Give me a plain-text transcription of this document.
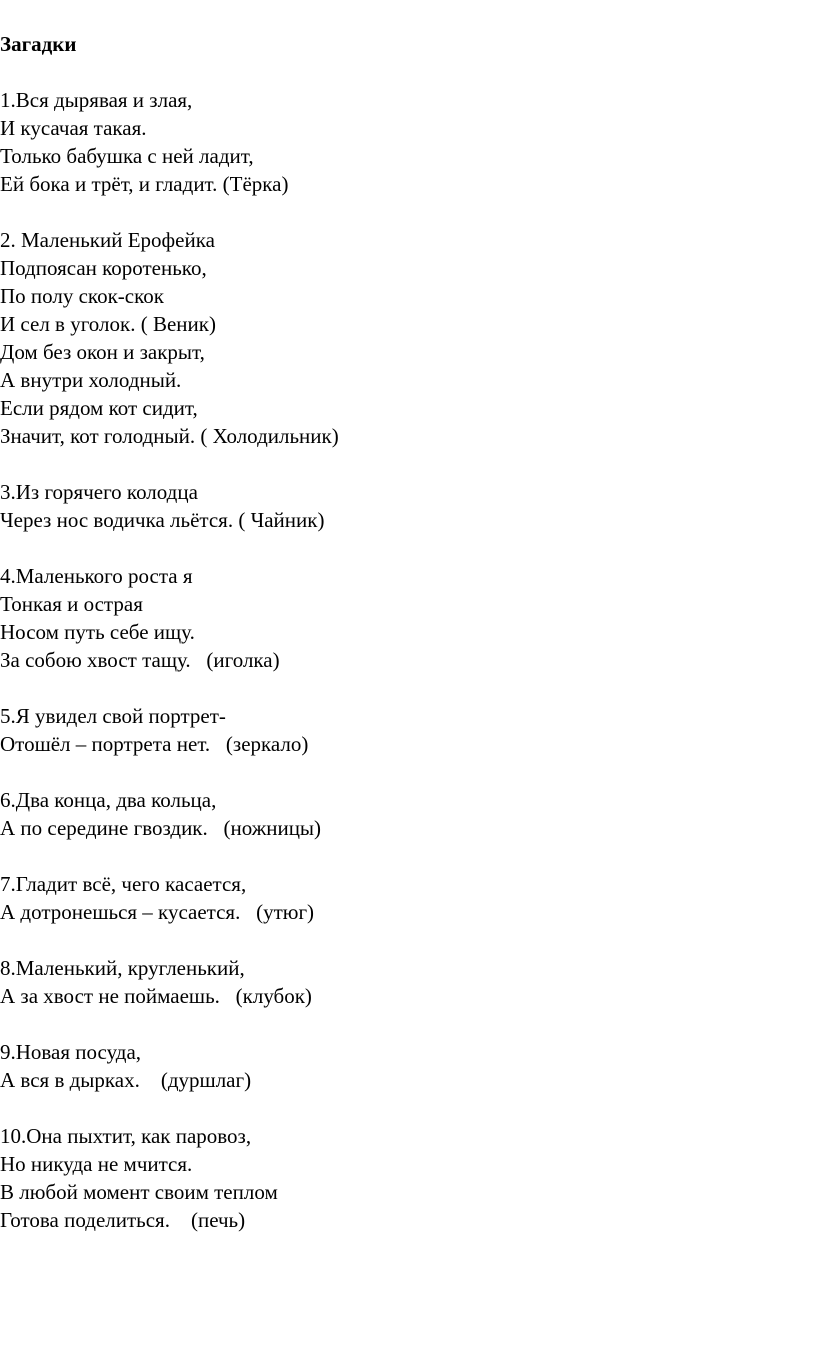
Загадки
1.Вся дырявая и злая,
И кусачая такая.
Только бабушка с ней ладит,
Ей бока и трёт, и гладит. (Тёрка)
2. Маленький Ерофейка
Подпоясан коротенько,
По полу скок-скок
И сел в уголок. ( Веник)
Дом без окон и закрыт,
А внутри холодный.
Если рядом кот сидит,
Значит, кот голодный. ( Холодильник)
3.Из горячего колодца
Через нос водичка льётся. ( Чайник)
4.Маленького роста я
Тонкая и острая
Носом путь себе ищу.
За собою хвост тащу.   (иголка)
5.Я увидел свой портрет-
Отошёл – портрета нет.   (зеркало)
6.Два конца, два кольца,
А по середине гвоздик.   (ножницы)
7.Гладит всё, чего касается,
А дотронешься – кусается.   (утюг)
8.Маленький, кругленький,
А за хвост не поймаешь.   (клубок)
9.Новая посуда,
А вся в дырках.    (дуршлаг)
10.Она пыхтит, как паровоз,
Но никуда не мчится.
В любой момент своим теплом
Готова поделиться.    (печь)
